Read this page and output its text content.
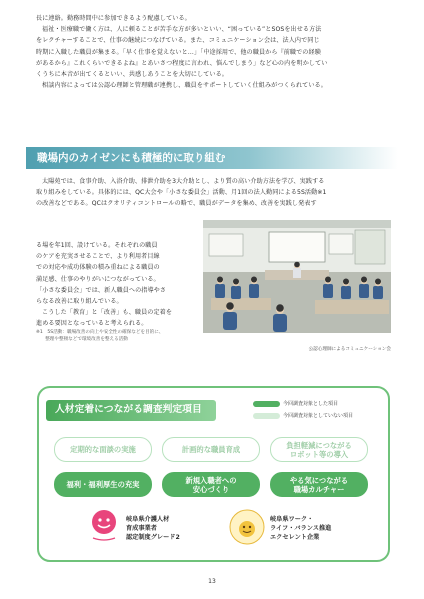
長に連絡。勤務時間中に参加できるよう配慮している。

福祉・医療職で働く方は、人に頼ることが苦手な方が多いといい、“困っている”とSOSを出せる方法

をレクチャーすることで、仕事の継続につなげている。また、コミュニケーション会は、法人内で同じ

時期に入職した職員が集まる。「早く仕事を覚えないと…」「中途採用で、他の職員から『前職での経験

があるから』これくらいできるよね』とあいさつ程度に言われ、悩んでしまう」など心の内を明かしてい

くうちに本音が出てくるといい、共感しあうことを大切にしている。

相談内容によっては公認心理師と管理職が連携し、職員をサポートしていく仕組みがつくられている。

職場内のカイゼンにも積極的に取り組む

太陽苑では、食事介助、入浴介助、排泄介助を3大介助とし、より質の高い介助方法を学び、実践する

取り組みをしている。具体的には、QC大会や「小さな委員会」活動、月1回の法人勤同による5S活動※1

の改善などである。QCはクオリティコントロールの略で、職員がデータを集め、改善を実践し発表す

る場を年1回、設けている。それぞれの職員

のケアを充実させることで、より利用者目線

での対応や成功体験の積み重ねによる職員の

満足感、仕事のやりがいにつながっている。

「小さな委員会」では、新人職員への指導やさ

らなる改善に取り組んでいる。

こうした「教育」と「改善」も、職員の定着を

進める要因となっていると考えられる。

※1　5S活動：職場改善の向上や安全性の確保などを目的に、
　　整理や整頓などで環境改善を整える活動
公認心理師によるコミュニケーション会
人材定着につながる調査判定項目	今回調査対象とした項目
今回調査対象としていない項目
定期的な面談の実施	計画的な職員育成	負担軽減につながる
ロボット等の導入
福利・福利厚生の充実	新規入職者への
安心づくり
やる気につながる
職場カルチャー
岐阜県介護人材
育成事業者
認定制度グレード2
岐阜県ワーク・
ライフ・バランス推進
エクセレント企業
13
